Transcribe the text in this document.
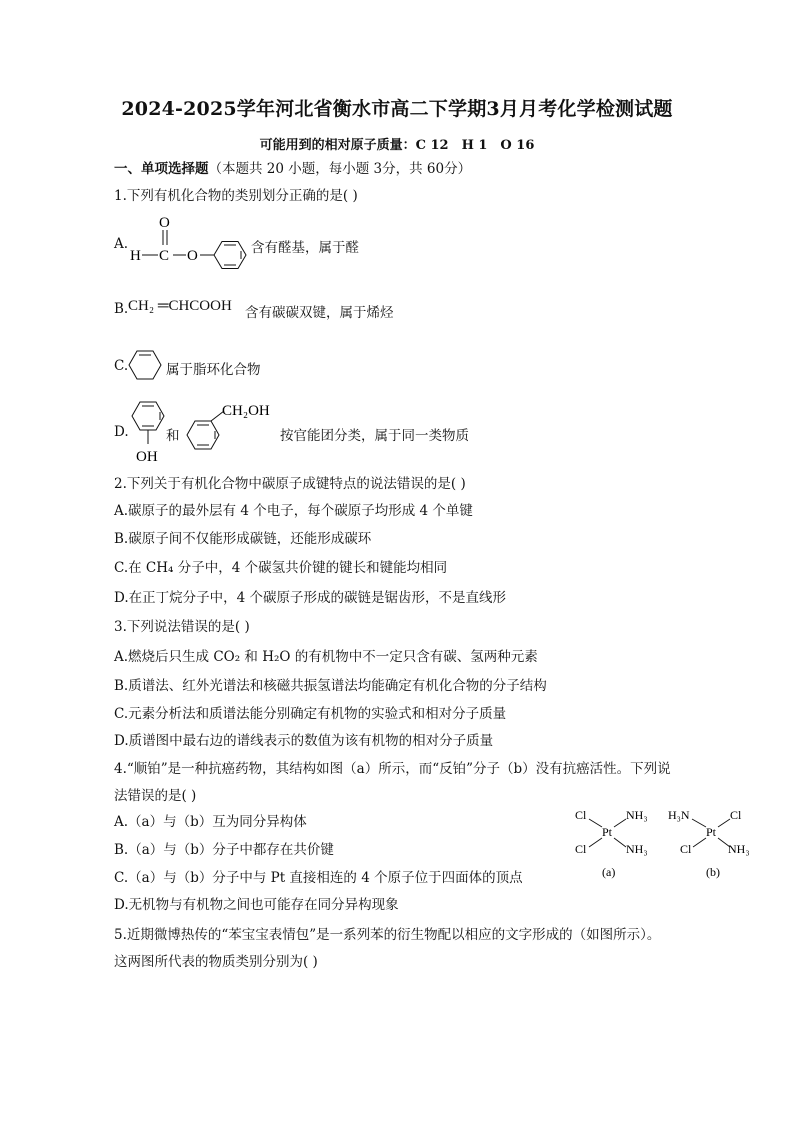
2024-2025学年河北省衡水市高二下学期3月月考化学检测试题
可能用到的相对原子质量：C 12　H 1　O 16
一、单项选择题（本题共 20 小题，每小题 3分，共 60分）
1.下列有机化合物的类别划分正确的是( )
A.
H C
O
O	含有醛基，属于醛
B. CH₂ ═CHCOOH 含有碳碳双键，属于烯烃
C.	属于脂环化合物
D.
OH
和
CH₂OH
按官能团分类，属于同一类物质
2.下列关于有机化合物中碳原子成键特点的说法错误的是( )
A.碳原子的最外层有 4 个电子，每个碳原子均形成 4 个单键
B.碳原子间不仅能形成碳链，还能形成碳环
C.在 CH₄ 分子中，4 个碳氢共价键的键长和键能均相同
D.在正丁烷分子中，4 个碳原子形成的碳链是锯齿形，不是直线形
3.下列说法错误的是( )
A.燃烧后只生成 CO₂ 和 H₂O 的有机物中不一定只含有碳、氢两种元素
B.质谱法、红外光谱法和核磁共振氢谱法均能确定有机化合物的分子结构
C.元素分析法和质谱法能分别确定有机物的实验式和相对分子质量
D.质谱图中最右边的谱线表示的数值为该有机物的相对分子质量
4.“顺铂”是一种抗癌药物，其结构如图（a）所示，而“反铂”分子（b）没有抗癌活性。下列说
法错误的是( )
A.（a）与（b）互为同分异构体
B.（a）与（b）分子中都存在共价键
C.（a）与（b）分子中与 Pt 直接相连的 4 个原子位于四面体的顶点
D.无机物与有机物之间也可能存在同分异构现象
Cl	NH₃
Pt
Cl	NH₃
(a)
H₃N	Cl
Pt
Cl	NH₃
(b)
5.近期微博热传的“苯宝宝表情包”是一系列苯的衍生物配以相应的文字形成的（如图所示）。
这两图所代表的物质类别分别为( )
